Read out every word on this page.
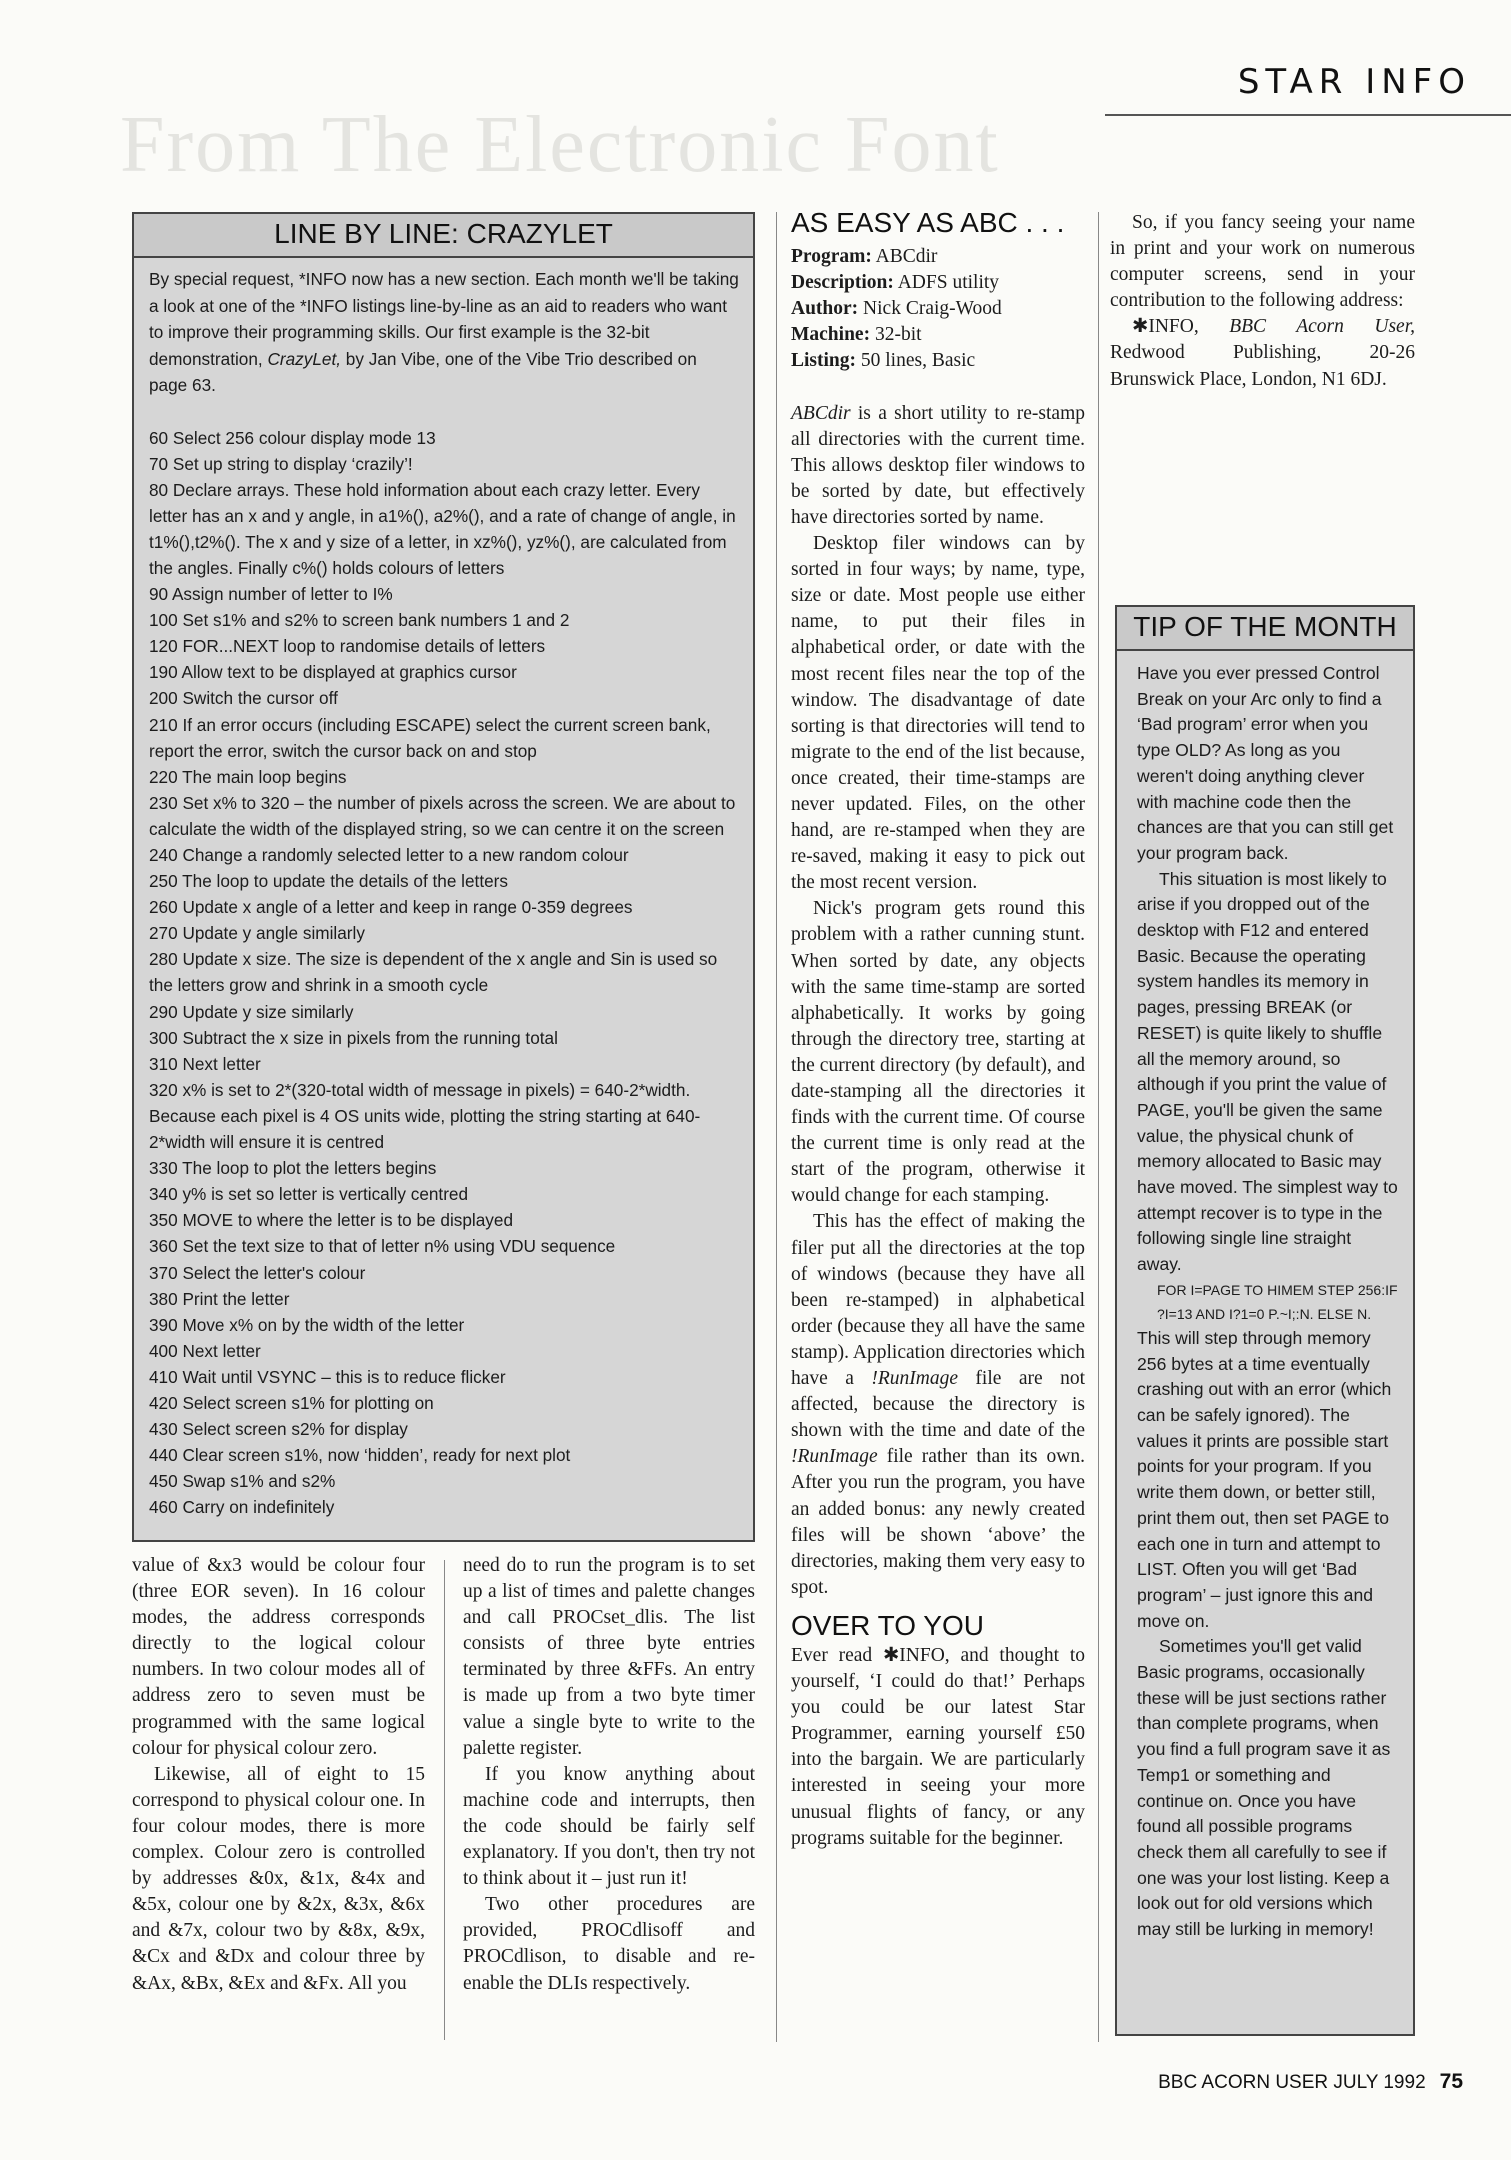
From The Electronic Font
STAR INFO
LINE BY LINE: CRAZYLET
By special request, *INFO now has a new section. Each month we'll be taking a look at one of the *INFO listings line-by-line as an aid to readers who want to improve their programming skills. Our first example is the 32-bit demonstration, CrazyLet, by Jan Vibe, one of the Vibe Trio described on page 63.
60 Select 256 colour display mode 13
70 Set up string to display ‘crazily’!
80 Declare arrays. These hold information about each crazy letter. Every letter has an x and y angle, in a1%(), a2%(), and a rate of change of angle, in t1%(),t2%(). The x and y size of a letter, in xz%(), yz%(), are calculated from the angles. Finally c%() holds colours of letters
90 Assign number of letter to I%
100 Set s1% and s2% to screen bank numbers 1 and 2
120 FOR...NEXT loop to randomise details of letters
190 Allow text to be displayed at graphics cursor
200 Switch the cursor off
210 If an error occurs (including ESCAPE) select the current screen bank, report the error, switch the cursor back on and stop
220 The main loop begins
230 Set x% to 320 – the number of pixels across the screen. We are about to calculate the width of the displayed string, so we can centre it on the screen
240 Change a randomly selected letter to a new random colour
250 The loop to update the details of the letters
260 Update x angle of a letter and keep in range 0-359 degrees
270 Update y angle similarly
280 Update x size. The size is dependent of the x angle and Sin is used so the letters grow and shrink in a smooth cycle
290 Update y size similarly
300 Subtract the x size in pixels from the running total
310 Next letter
320 x% is set to 2*(320-total width of message in pixels) = 640-2*width. Because each pixel is 4 OS units wide, plotting the string starting at 640-2*width will ensure it is centred
330 The loop to plot the letters begins
340 y% is set so letter is vertically centred
350 MOVE to where the letter is to be displayed
360 Set the text size to that of letter n% using VDU sequence
370 Select the letter's colour
380 Print the letter
390 Move x% on by the width of the letter
400 Next letter
410 Wait until VSYNC – this is to reduce flicker
420 Select screen s1% for plotting on
430 Select screen s2% for display
440 Clear screen s1%, now ‘hidden’, ready for next plot
450 Swap s1% and s2%
460 Carry on indefinitely

value of &x3 would be colour four (three EOR seven). In 16 colour modes, the address corresponds directly to the logical colour numbers. In two colour modes all of address zero to seven must be programmed with the same logical colour for physical colour zero.

Likewise, all of eight to 15 correspond to physical colour one. In four colour modes, there is more complex. Colour zero is controlled by addresses &0x, &1x, &4x and &5x, colour one by &2x, &3x, &6x and &7x, colour two by &8x, &9x, &Cx and &Dx and colour three by &Ax, &Bx, &Ex and &Fx. All you

need do to run the program is to set up a list of times and palette changes and call PROCset_dlis. The list consists of three byte entries terminated by three &FFs. An entry is made up from a two byte timer value a single byte to write to the palette register.

If you know anything about machine code and interrupts, then the code should be fairly self explanatory. If you don't, then try not to think about it – just run it!

Two other procedures are provided, PROCdlisoff and PROCdlison, to disable and re-enable the DLIs respectively.

AS EASY AS ABC . . .
Program: ABCdir
Description: ADFS utility
Author: Nick Craig-Wood
Machine: 32-bit
Listing: 50 lines, Basic

ABCdir is a short utility to re-stamp all directories with the current time. This allows desktop filer windows to be sorted by date, but effectively have directories sorted by name.

Desktop filer windows can by sorted in four ways; by name, type, size or date. Most people use either name, to put their files in alphabetical order, or date with the most recent files near the top of the window. The disadvantage of date sorting is that directories will tend to migrate to the end of the list because, once created, their time-stamps are never updated. Files, on the other hand, are re-stamped when they are re-saved, making it easy to pick out the most recent version.

Nick's program gets round this problem with a rather cunning stunt. When sorted by date, any objects with the same time-stamp are sorted alphabetically. It works by going through the directory tree, starting at the current directory (by default), and date-stamping all the directories it finds with the current time. Of course the current time is only read at the start of the program, otherwise it would change for each stamping.

This has the effect of making the filer put all the directories at the top of windows (because they have all been re-stamped) in alphabetical order (because they all have the same stamp). Application directories which have a !RunImage file are not affected, because the directory is shown with the time and date of the !RunImage file rather than its own. After you run the program, you have an added bonus: any newly created files will be shown ‘above’ the directories, making them very easy to spot.

OVER TO YOU

Ever read ✱INFO, and thought to yourself, ‘I could do that!’ Perhaps you could be our latest Star Programmer, earning yourself £50 into the bargain. We are particularly interested in seeing your more unusual flights of fancy, or any programs suitable for the beginner.

So, if you fancy seeing your name in print and your work on numerous computer screens, send in your contribution to the following address:

✱INFO, BBC Acorn User, Redwood Publishing, 20-26 Brunswick Place, London, N1 6DJ.

TIP OF THE MONTH

Have you ever pressed Control Break on your Arc only to find a ‘Bad program’ error when you type OLD? As long as you weren't doing anything clever with machine code then the chances are that you can still get your program back.

This situation is most likely to arise if you dropped out of the desktop with F12 and entered Basic. Because the operating system handles its memory in pages, pressing BREAK (or RESET) is quite likely to shuffle all the memory around, so although if you print the value of PAGE, you'll be given the same value, the physical chunk of memory allocated to Basic may have moved. The simplest way to attempt recover is to type in the following single line straight away.

FOR I=PAGE TO HIMEM STEP 256:IF ?I=13 AND I?1=0 P.~I;:N. ELSE N.

This will step through memory 256 bytes at a time eventually crashing out with an error (which can be safely ignored). The values it prints are possible start points for your program. If you write them down, or better still, print them out, then set PAGE to each one in turn and attempt to LIST. Often you will get ‘Bad program’ – just ignore this and move on.

Sometimes you'll get valid Basic programs, occasionally these will be just sections rather than complete programs, when you find a full program save it as Temp1 or something and continue on. Once you have found all possible programs check them all carefully to see if one was your lost listing. Keep a look out for old versions which may still be lurking in memory!

BBC ACORN USER JULY 1992 75
